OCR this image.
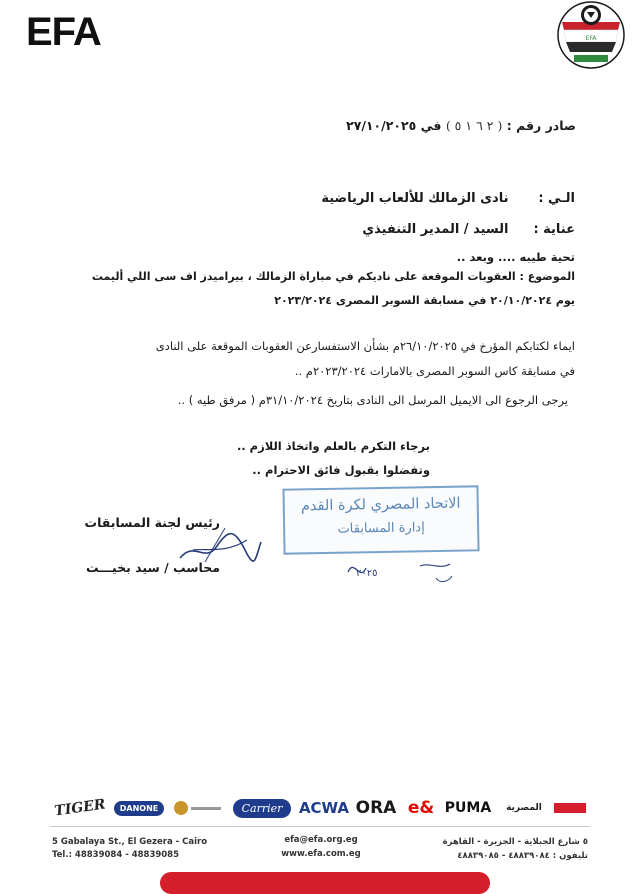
EFA	EFA
صادر رقم : ( ٢ ٦ ١ ٥ ) في ٢٧/١٠/٢٠٢٥
الـي : نادى الزمالك للألعاب الرياضية
عناية : السيد / المدير التنفيذي
تحية طيبه .... وبعد ..
الموضوع : العقوبات الموقعة على ناديكم في مباراة الزمالك ، بيراميدز اف سى اللي أليمت
يوم ٢٠/١٠/٢٠٢٤ في مسابقة السوبر المصرى ٢٠٢٣/٢٠٢٤
ايماء لكتابكم المؤرخ في ٢٦/١٠/٢٠٢٥م بشأن الاستفسارعن العقوبات الموقعة على النادى
في مسابقة كاس السوبر المصرى بالامارات ٢٠٢٣/٢٠٢٤م ..
يرجى الرجوع الى الايميل المرسل الى النادى بتاريخ ٣١/١٠/٢٠٢٤م ( مرفق طيه ) ..
برجاء التكرم بالعلم واتخاذ اللازم ..
وتفضلوا بقبول فائق الاحترام ..
رئيس لجنة المسابقات
محاسب / سيد بخيـــت
الاتحاد المصري لكرة القدم
إدارة المسابقات
٢٠٢٥
TIGER	DANONE	Carrier	ACWA ORA e& PUMA المصرية
5 Gabalaya St., El Gezera - Cairo
Tel.: 48839084 - 48839085
efa@efa.org.eg
www.efa.com.eg
٥ شارع الجبلاية - الجزيرة - القاهرة
تليفون : ٤٨٨٣٩٠٨٤ - ٤٨٨٣٩٠٨٥
